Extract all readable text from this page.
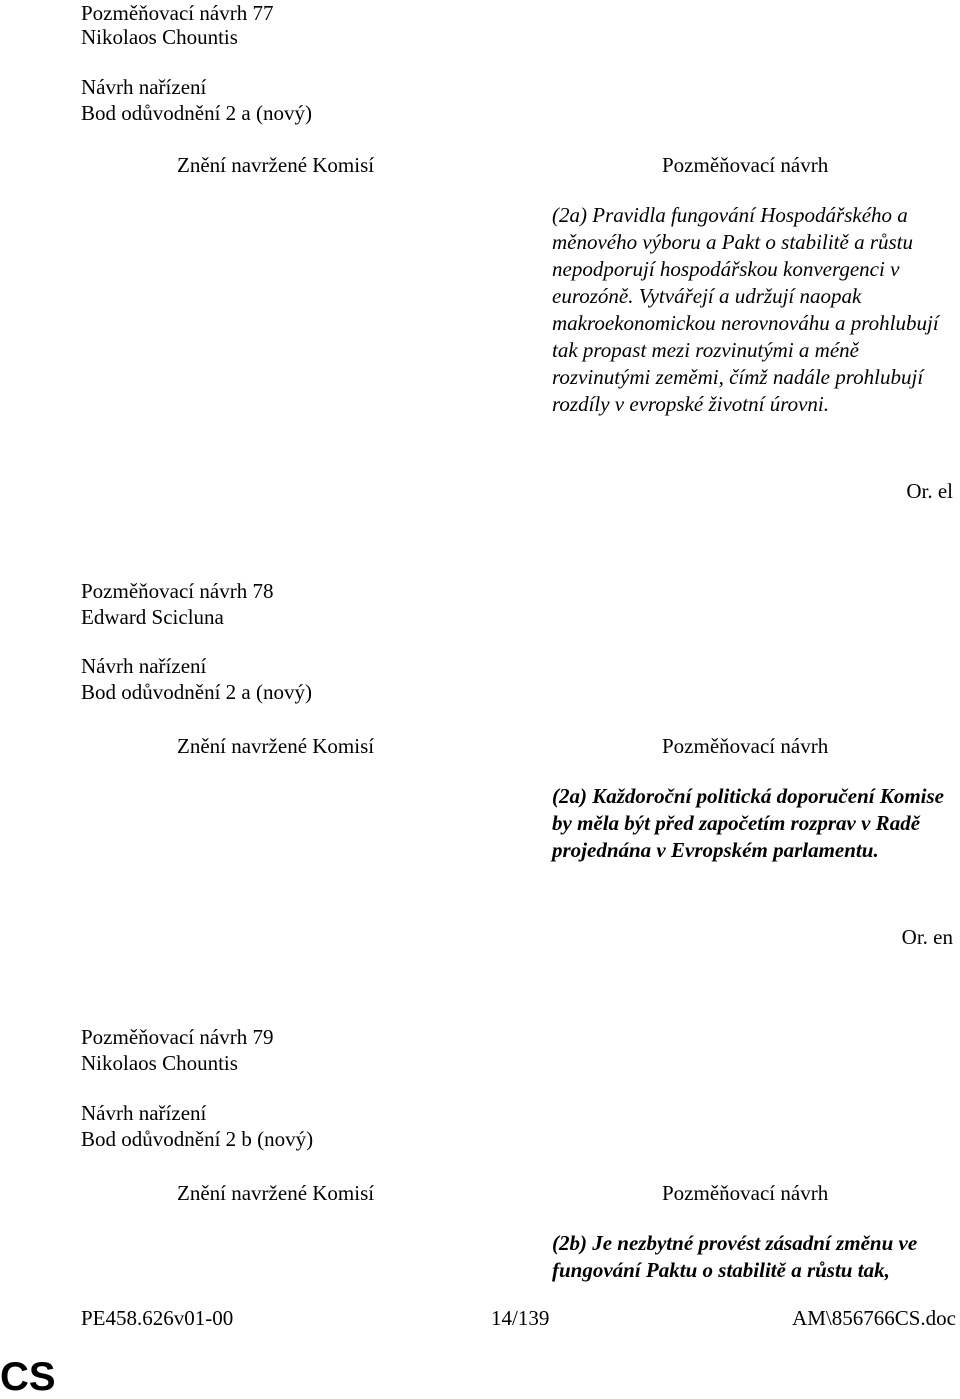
Pozměňovací návrh 77
Nikolaos Chountis
Návrh nařízení
Bod odůvodnění 2 a (nový)
Znění navržené Komisí	Pozměňovací návrh
(2a) Pravidla fungování Hospodářského a měnového výboru a Pakt o stabilitě a růstu nepodporují hospodářskou konvergenci v eurozóně. Vytvářejí a udržují naopak makroekonomickou nerovnováhu a prohlubují tak propast mezi rozvinutými a méně rozvinutými zeměmi, čímž nadále prohlubují rozdíly v evropské životní úrovni.
Or. el
Pozměňovací návrh 78
Edward Scicluna
Návrh nařízení
Bod odůvodnění 2 a (nový)
Znění navržené Komisí	Pozměňovací návrh
(2a) Každoroční politická doporučení Komise by měla být před započetím rozprav v Radě projednána v Evropském parlamentu.
Or. en
Pozměňovací návrh 79
Nikolaos Chountis
Návrh nařízení
Bod odůvodnění 2 b (nový)
Znění navržené Komisí	Pozměňovací návrh
(2b) Je nezbytné provést zásadní změnu ve fungování Paktu o stabilitě a růstu tak,
PE458.626v01-00	14/139	AM\856766CS.doc
CS
